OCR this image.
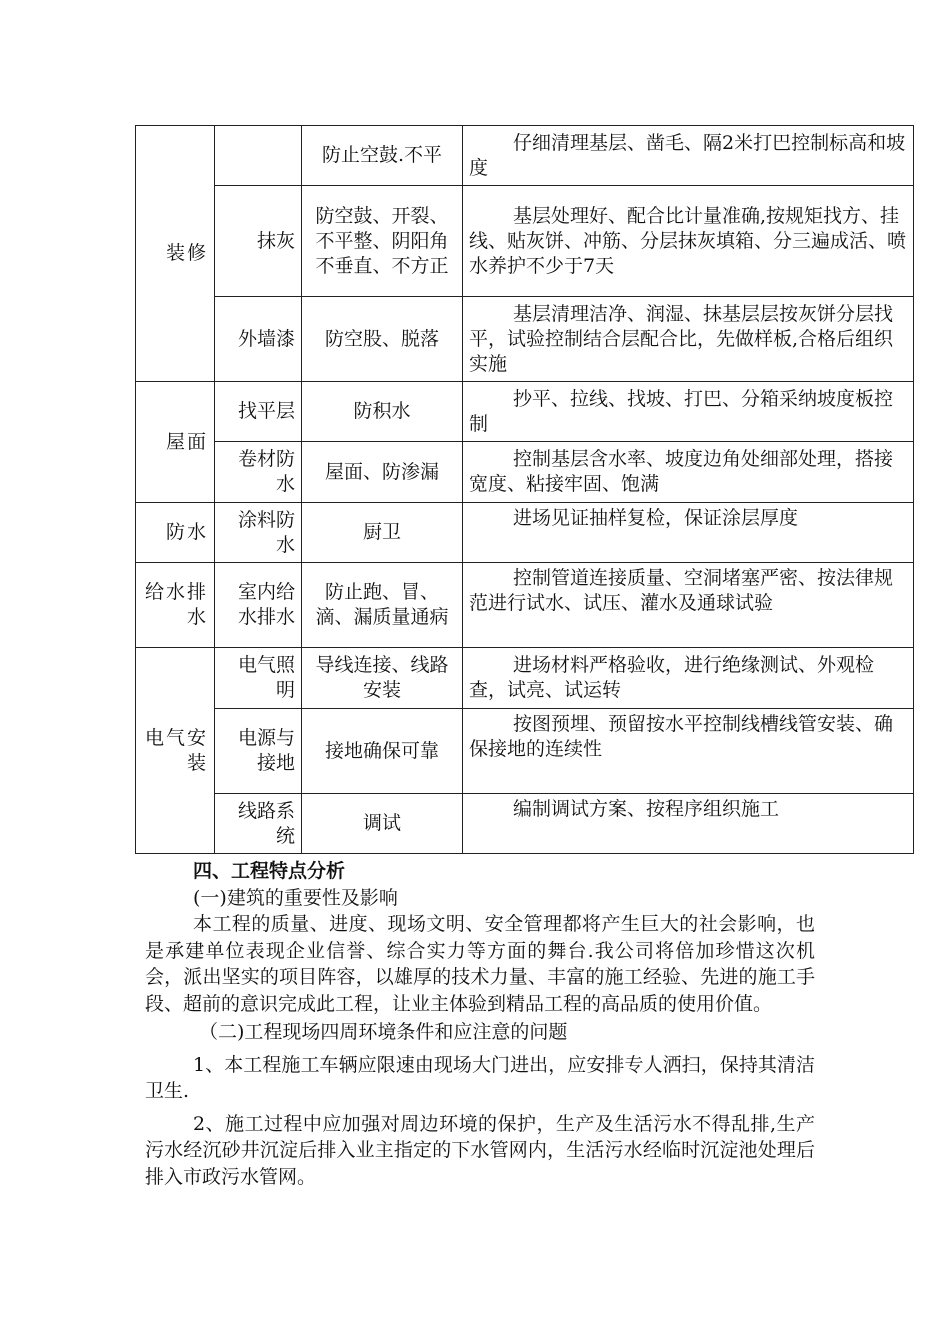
装修		防止空鼓.不平	仔细清理基层、凿毛、隔2米打巴控制标高和坡度
	抹灰	防空鼓、开裂、不平整、阴阳角不垂直、不方正	基层处理好、配合比计量准确,按规矩找方、挂线、贴灰饼、冲筋、分层抹灰填箱、分三遍成活、喷水养护不少于7天
	外墙漆	防空股、脱落	基层清理洁净、润湿、抹基层层按灰饼分层找平，试验控制结合层配合比，先做样板,合格后组织实施
屋面	找平层	防积水	抄平、拉线、找坡、打巴、分箱采纳坡度板控制
	卷材防水	屋面、防渗漏	控制基层含水率、坡度边角处细部处理，搭接宽度、粘接牢固、饱满
防水	涂料防水	厨卫	进场见证抽样复检，保证涂层厚度
给水排水	室内给水排水	防止跑、冒、滴、漏质量通病	控制管道连接质量、空洞堵塞严密、按法律规范进行试水、试压、灌水及通球试验
电气安装	电气照明	导线连接、线路安装	进场材料严格验收，进行绝缘测试、外观检查，试亮、试运转
	电源与接地	接地确保可靠	按图预埋、预留按水平控制线槽线管安装、确保接地的连续性
	线路系统	调试	编制调试方案、按程序组织施工

四、工程特点分析

(一)建筑的重要性及影响

本工程的质量、进度、现场文明、安全管理都将产生巨大的社会影响，也是承建单位表现企业信誉、综合实力等方面的舞台.我公司将倍加珍惜这次机会，派出坚实的项目阵容，以雄厚的技术力量、丰富的施工经验、先进的施工手段、超前的意识完成此工程，让业主体验到精品工程的高品质的使用价值。

（二)工程现场四周环境条件和应注意的问题

1、本工程施工车辆应限速由现场大门进出，应安排专人洒扫，保持其清洁卫生.

2、施工过程中应加强对周边环境的保护，生产及生活污水不得乱排,生产污水经沉砂井沉淀后排入业主指定的下水管网内，生活污水经临时沉淀池处理后排入市政污水管网。
